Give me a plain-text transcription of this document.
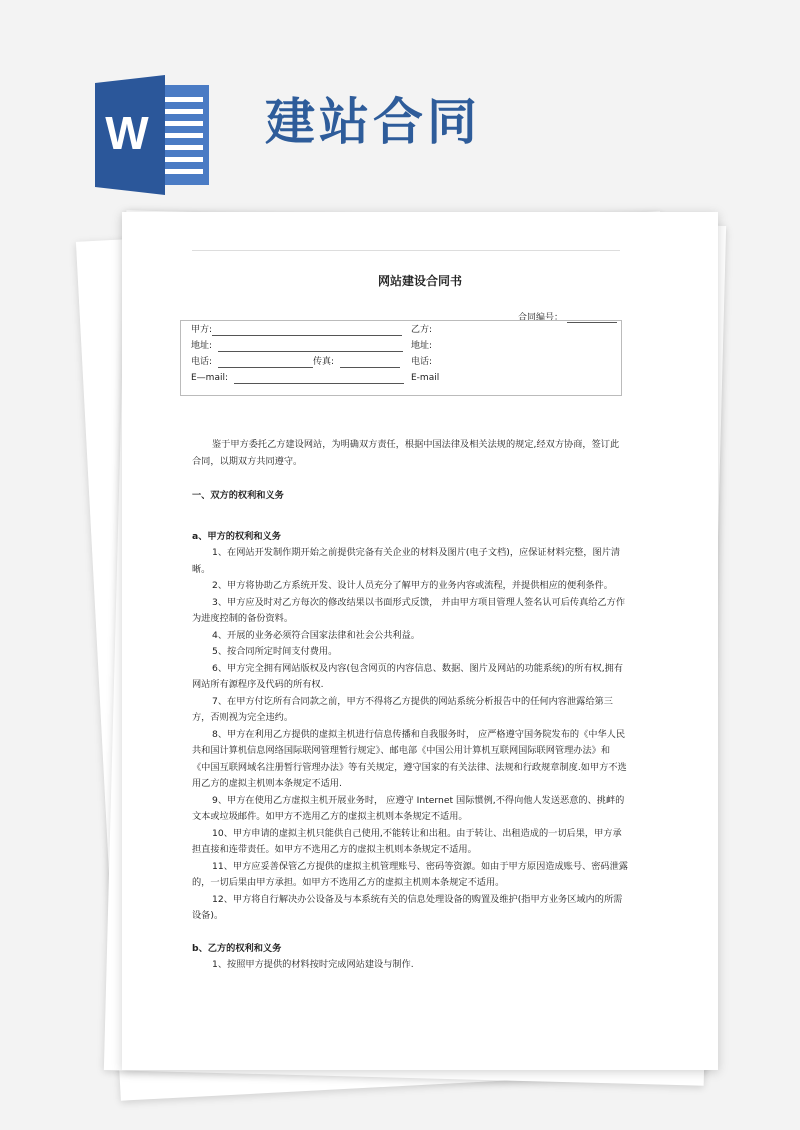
W 建站合同
网站建设合同书
合同编号：
甲方:	乙方:
地址:	地址:
电话:	传真:	电话:
E—mail:	E-mail

鉴于甲方委托乙方建设网站，为明确双方责任，根据中国法律及相关法规的规定,经双方协商，签订此合同，以期双方共同遵守。

一、双方的权利和义务

a、甲方的权利和义务

1、在网站开发制作期开始之前提供完备有关企业的材料及图片(电子文档)，应保证材料完整，图片清晰。

2、甲方将协助乙方系统开发、设计人员充分了解甲方的业务内容或流程，并提供相应的便利条件。

3、甲方应及时对乙方每次的修改结果以书面形式反馈， 并由甲方项目管理人签名认可后传真给乙方作为进度控制的备份资料。

4、开展的业务必须符合国家法律和社会公共利益。

5、按合同所定时间支付费用。

6、甲方完全拥有网站版权及内容(包含网页的内容信息、数据、图片及网站的功能系统)的所有权,拥有网站所有源程序及代码的所有权.

7、在甲方付讫所有合同款之前，甲方不得将乙方提供的网站系统分析报告中的任何内容泄露给第三方，否则视为完全违约。

8、甲方在利用乙方提供的虚拟主机进行信息传播和自我服务时， 应严格遵守国务院发布的《中华人民共和国计算机信息网络国际联网管理暂行规定》、邮电部《中国公用计算机互联网国际联网管理办法》和《中国互联网域名注册暂行管理办法》等有关规定，遵守国家的有关法律、法规和行政规章制度.如甲方不选用乙方的虚拟主机则本条规定不适用.

9、甲方在使用乙方虚拟主机开展业务时， 应遵守 Internet 国际惯例,不得向他人发送恶意的、挑衅的文本或垃圾邮件。如甲方不选用乙方的虚拟主机则本条规定不适用。

10、甲方申请的虚拟主机只能供自己使用,不能转让和出租。由于转让、出租造成的一切后果，甲方承担直接和连带责任。如甲方不选用乙方的虚拟主机则本条规定不适用。

11、甲方应妥善保管乙方提供的虚拟主机管理账号、密码等资源。如由于甲方原因造成账号、密码泄露的，一切后果由甲方承担。如甲方不选用乙方的虚拟主机则本条规定不适用。

12、甲方将自行解决办公设备及与本系统有关的信息处理设备的购置及维护(指甲方业务区域内的所需设备)。

b、乙方的权利和义务

1、按照甲方提供的材料按时完成网站建设与制作.
